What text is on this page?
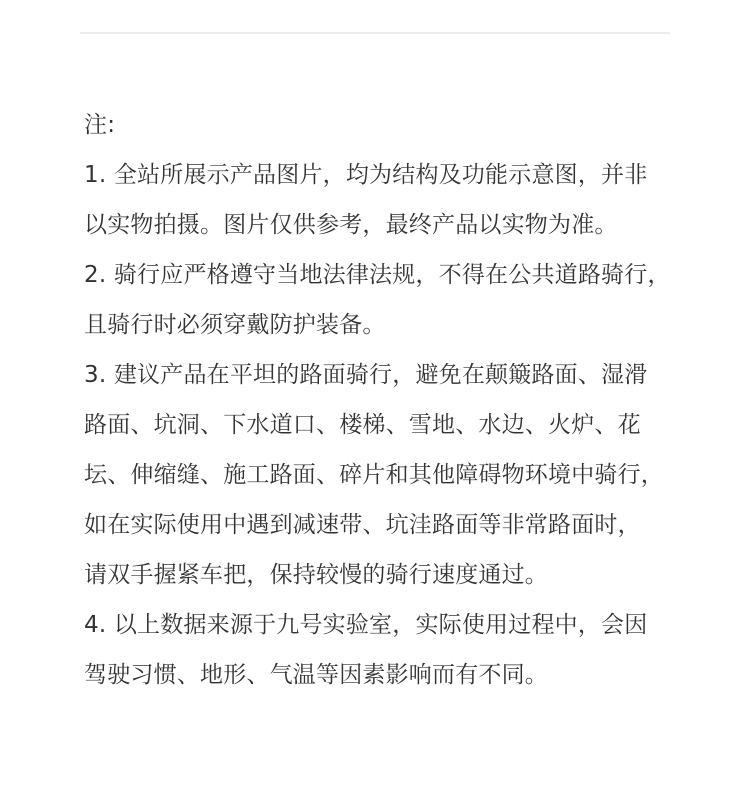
注:
1. 全站所展示产品图片，均为结构及功能示意图，并非
以实物拍摄。图片仅供参考，最终产品以实物为准。
2. 骑行应严格遵守当地法律法规，不得在公共道路骑行，
且骑行时必须穿戴防护装备。
3. 建议产品在平坦的路面骑行，避免在颠簸路面、湿滑
路面、坑洞、下水道口、楼梯、雪地、水边、火炉、花
坛、伸缩缝、施工路面、碎片和其他障碍物环境中骑行，
如在实际使用中遇到减速带、坑洼路面等非常路面时，
请双手握紧车把，保持较慢的骑行速度通过。
4. 以上数据来源于九号实验室，实际使用过程中，会因
驾驶习惯、地形、气温等因素影响而有不同。
